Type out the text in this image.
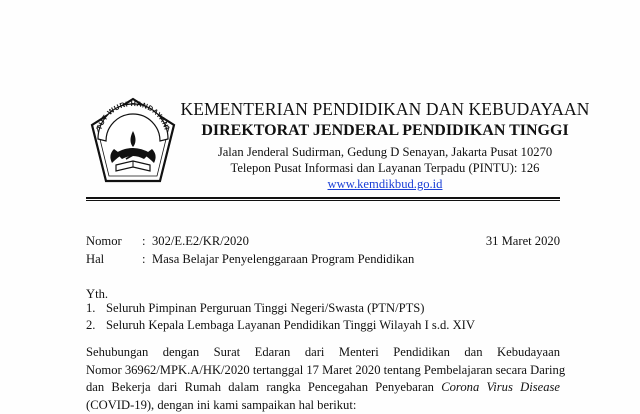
TUT WURI HANDAYANI
KEMENTERIAN PENDIDIKAN DAN KEBUDAYAAN
DIREKTORAT JENDERAL PENDIDIKAN TINGGI
Jalan Jenderal Sudirman, Gedung D Senayan, Jakarta Pusat 10270
Telepon Pusat Informasi dan Layanan Terpadu (PINTU): 126
www.kemdikbud.go.id
Nomor : 302/E.E2/KR/2020	31 Maret 2020
Hal	: Masa Belajar Penyelenggaraan Program Pendidikan
Yth.
1. Seluruh Pimpinan Perguruan Tinggi Negeri/Swasta (PTN/PTS)
2. Seluruh Kepala Lembaga Layanan Pendidikan Tinggi Wilayah I s.d. XIV
Sehubungan dengan Surat Edaran dari Menteri Pendidikan dan Kebudayaan
Nomor 36962/MPK.A/HK/2020 tertanggal 17 Maret 2020 tentang Pembelajaran secara Daring
dan Bekerja dari Rumah dalam rangka Pencegahan Penyebaran Corona Virus Disease
(COVID-19), dengan ini kami sampaikan hal berikut:
